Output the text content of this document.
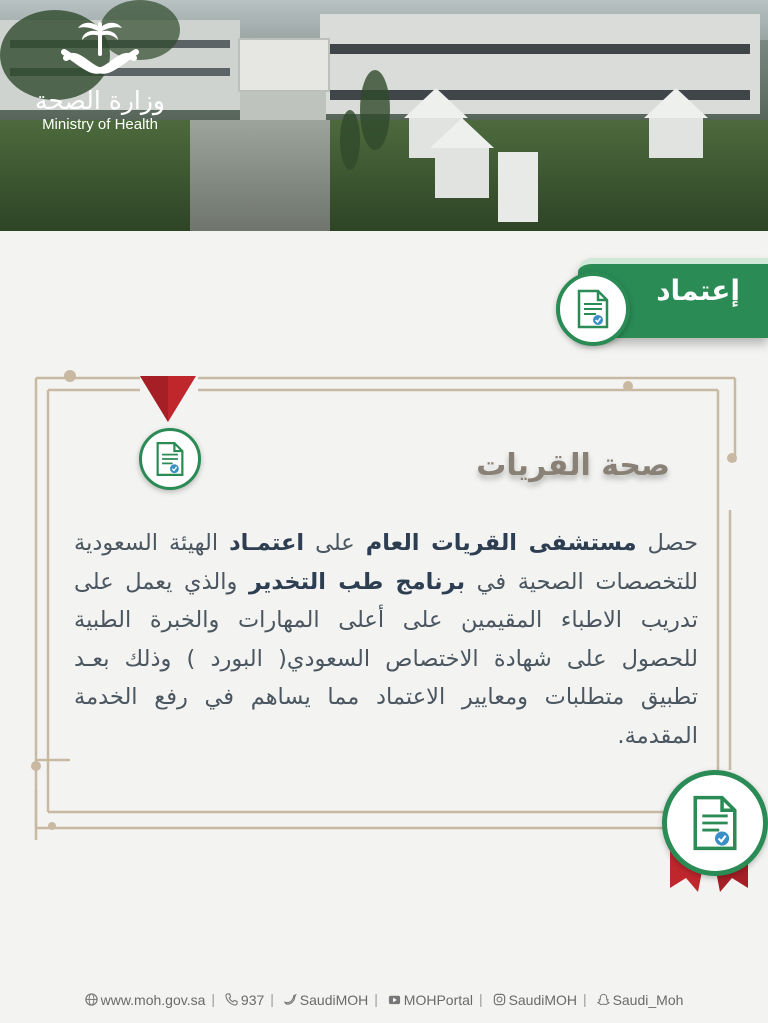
وزارة الصحة
Ministry of Health
إعتماد
صحة القريات
حصل مستشفى القريات العام على اعتمـاد الهيئة السعودية للتخصصات الصحية في برنامج طب التخدير والذي يعمل على تدريب الاطباء المقيمين على أعلى المهارات والخبرة الطبية للحصول على شهادة الاختصاص السعودي( البورد ) وذلك بعـد تطبيق متطلبات ومعايير الاعتماد مما يساهم في رفع الخدمة المقدمة.
www.moh.gov.sa | 937 | SaudiMOH | MOHPortal | SaudiMOH | Saudi_Moh
